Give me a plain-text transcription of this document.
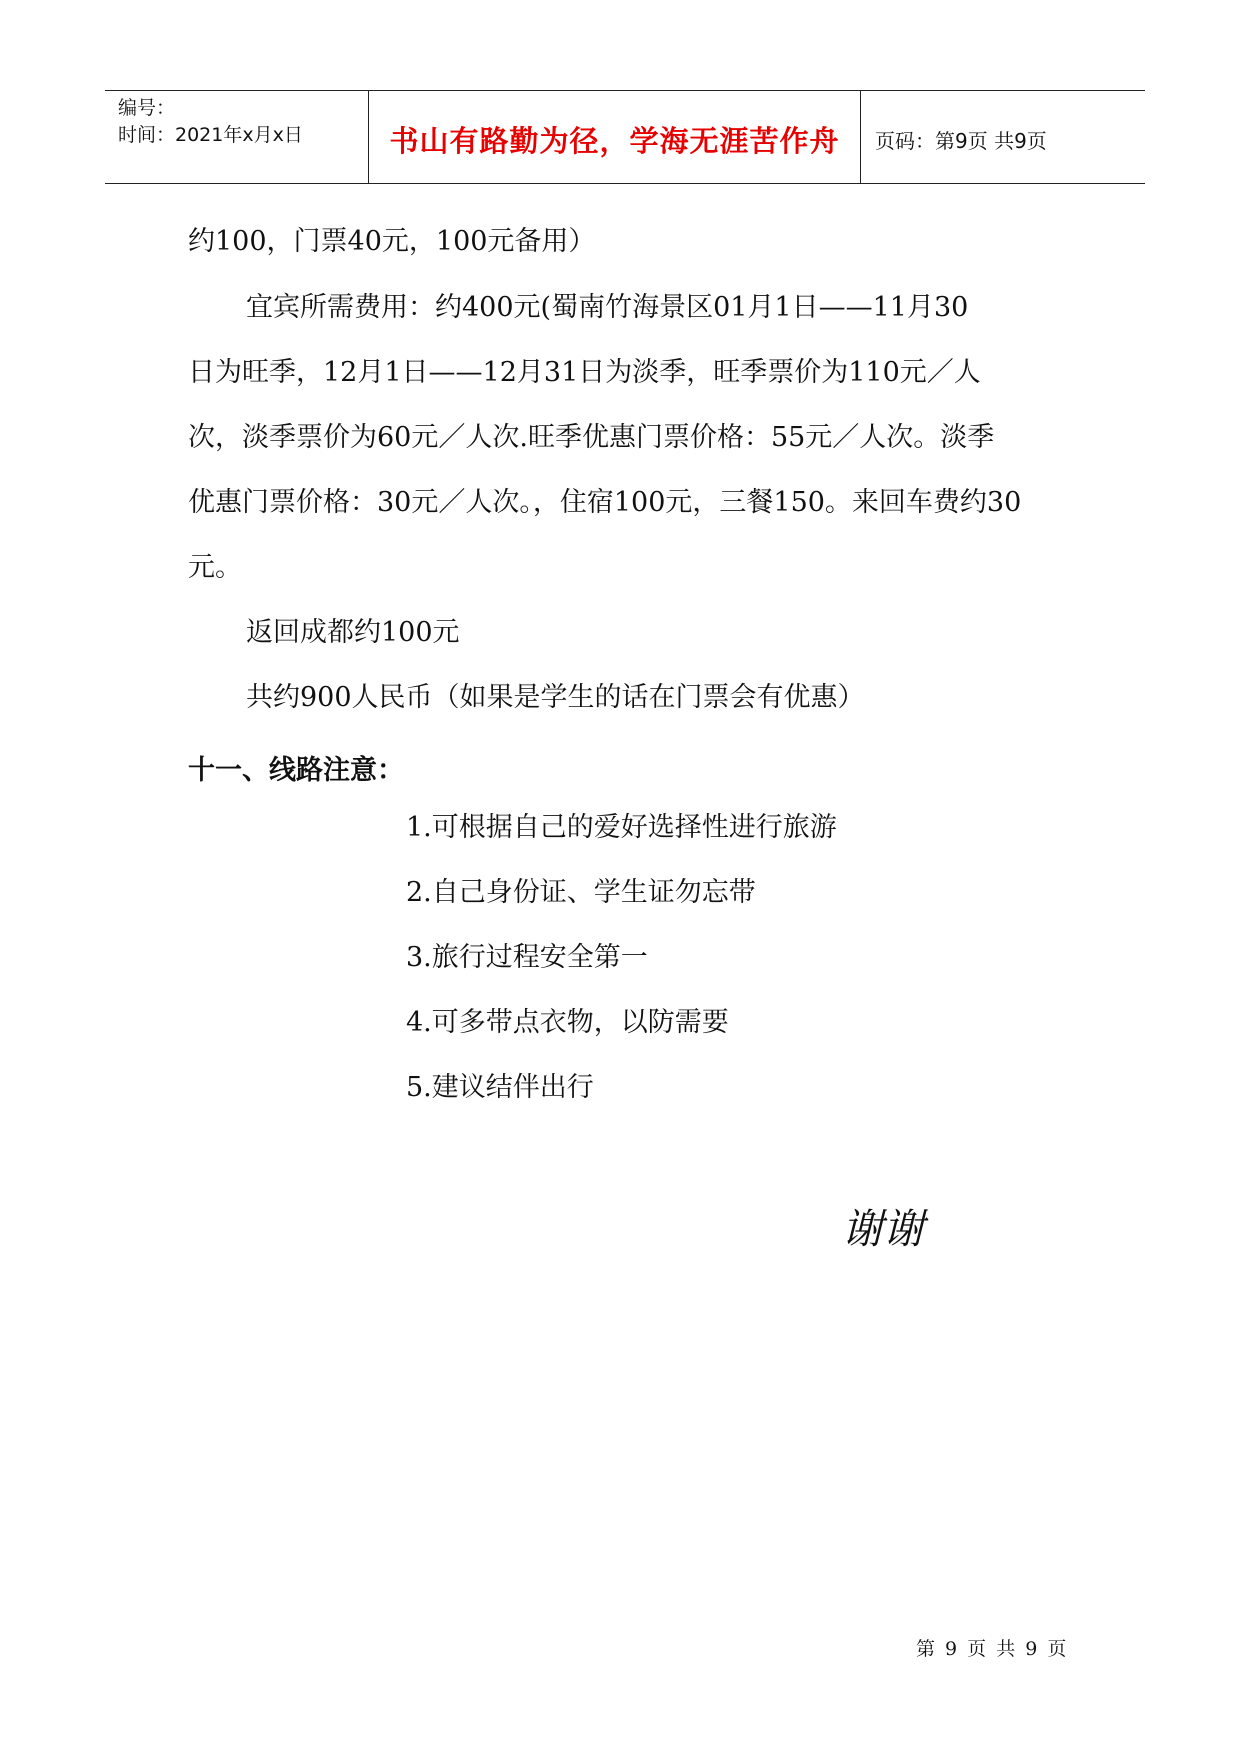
编号：
时间：2021年x月x日	书山有路勤为径，学海无涯苦作舟	页码：第9页 共9页
约100，门票40元，100元备用）
宜宾所需费用：约400元(蜀南竹海景区01月1日——11月30
日为旺季，12月1日——12月31日为淡季，旺季票价为110元／人
次，淡季票价为60元／人次.旺季优惠门票价格：55元／人次。淡季
优惠门票价格：30元／人次。，住宿100元，三餐150。来回车费约30
元。
返回成都约100元
共约900人民币（如果是学生的话在门票会有优惠）
十一、线路注意：
1.可根据自己的爱好选择性进行旅游
2.自己身份证、学生证勿忘带
3.旅行过程安全第一
4.可多带点衣物，以防需要
5.建议结伴出行
谢谢
第 9 页 共 9 页
